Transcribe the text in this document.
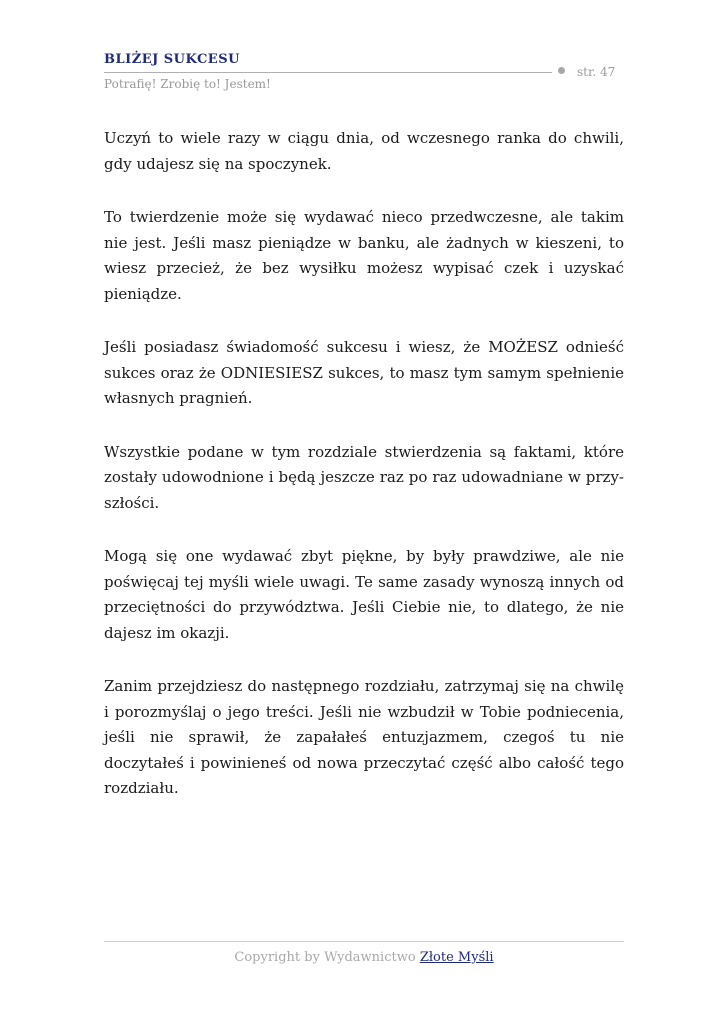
BLIŻEJ SUKCESU
Potrafię! Zrobię to! Jestem!
str. 47

Uczyń to wiele razy w ciągu dnia, od wczesnego ranka do chwili, gdy udajesz się na spoczynek.

To twierdzenie może się wydawać nieco przedwczesne, ale takim nie jest. Jeśli masz pieniądze w banku, ale żadnych w kieszeni, to wiesz przecież, że bez wysiłku możesz wypisać czek i uzyskać pieniądze.

Jeśli posiadasz świadomość sukcesu i wiesz, że MOŻESZ odnieść sukces oraz że ODNIESIESZ sukces, to masz tym samym spełnienie własnych pragnień.

Wszystkie podane w tym rozdziale stwierdzenia są faktami, które zostały udowodnione i będą jeszcze raz po raz udowadniane w przyszłości.

Mogą się one wydawać zbyt piękne, by były prawdziwe, ale nie poświęcaj tej myśli wiele uwagi. Te same zasady wynoszą innych od przeciętności do przywództwa. Jeśli Ciebie nie, to dlatego, że nie dajesz im okazji.

Zanim przejdziesz do następnego rozdziału, zatrzymaj się na chwilę i porozmyślaj o jego treści. Jeśli nie wzbudził w Tobie podniecenia, jeśli nie sprawił, że zapałałeś entuzjazmem, czegoś tu nie doczytałeś i powinieneś od nowa przeczytać część albo całość tego rozdziału.

Copyright by Wydawnictwo Złote Myśli
